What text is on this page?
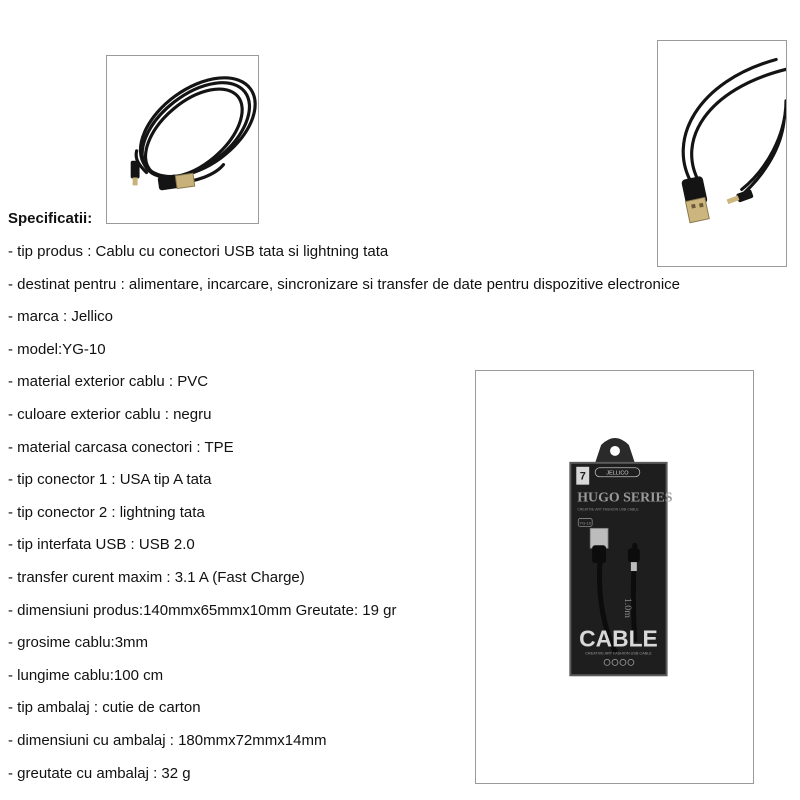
7	JELLICO
HUGO SERIES
CREATIVE ART FASHION USB CABLE
YG-10
1.0m
CABLE
CREATIVE ART FASHION USB CABLE
Specificatii:
- tip produs : Cablu cu conectori USB tata si lightning tata
- destinat pentru : alimentare, incarcare, sincronizare si transfer de date pentru dispozitive electronice
- marca : Jellico
- model:YG-10
- material exterior cablu : PVC
- culoare exterior cablu : negru
- material carcasa conectori : TPE
- tip conector 1 : USA tip A tata
- tip conector 2 : lightning tata
- tip interfata USB : USB 2.0
- transfer curent maxim : 3.1 A (Fast Charge)
- dimensiuni produs:140mmx65mmx10mm Greutate: 19 gr
- grosime cablu:3mm
- lungime cablu:100 cm
- tip ambalaj : cutie de carton
- dimensiuni cu ambalaj : 180mmx72mmx14mm
- greutate cu ambalaj : 32 g
